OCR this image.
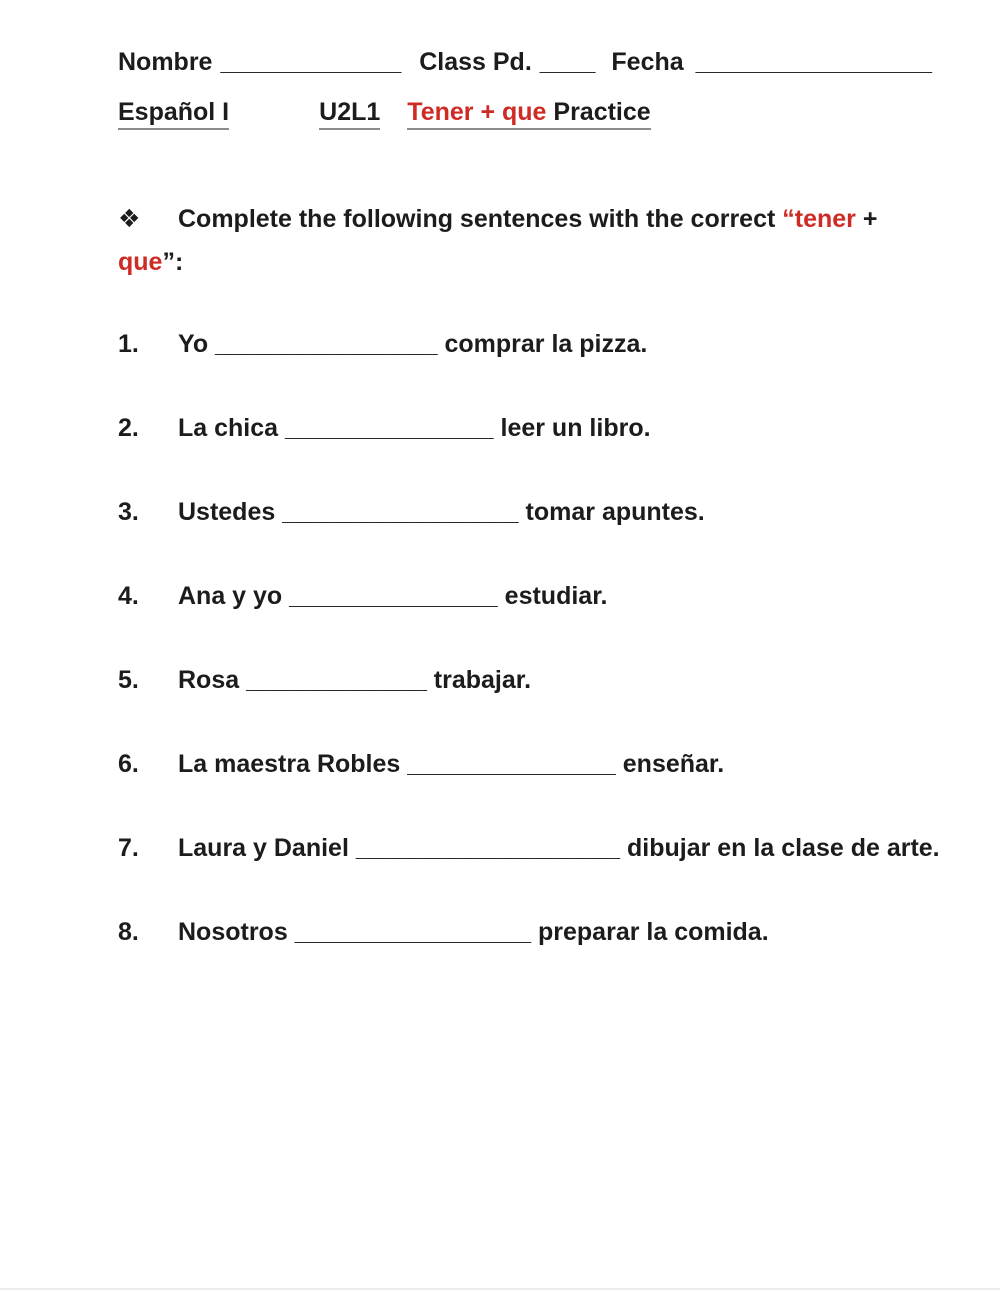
Nombre _____________ Class Pd. ____ Fecha _________________
Español I	U2L1 Tener + que Practice
❖ Complete the following sentences with the correct “tener +
que”:
1.	Yo ________________ comprar la pizza.
2.	La chica _______________ leer un libro.
3.	Ustedes _________________ tomar apuntes.
4.	Ana y yo _______________ estudiar.
5.	Rosa _____________ trabajar.
6.	La maestra Robles _______________ enseñar.
7.	Laura y Daniel ___________________ dibujar en la clase de arte.
8.	Nosotros _________________ preparar la comida.
